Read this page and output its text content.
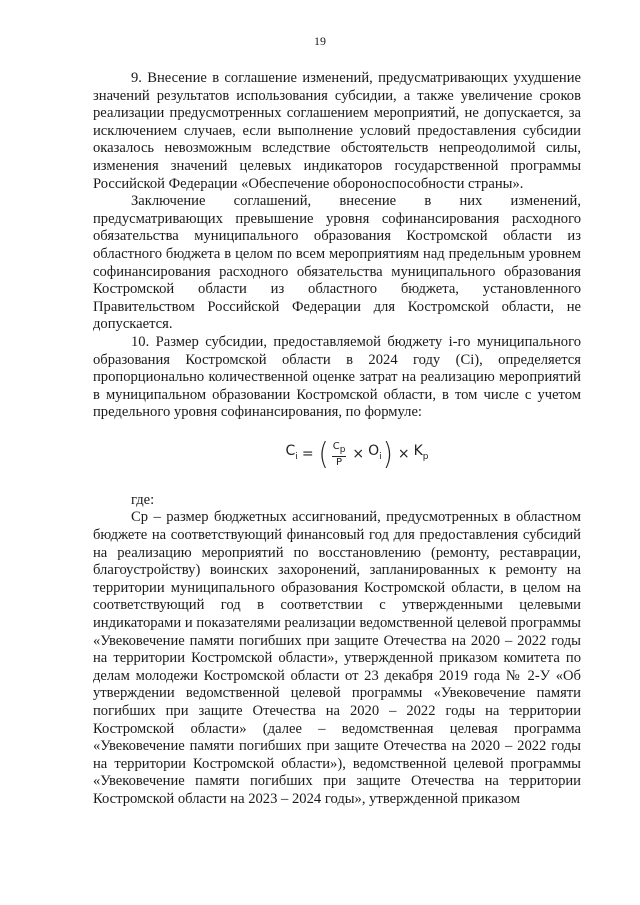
19

9. Внесение в соглашение изменений, предусматривающих ухудшение значений результатов использования субсидии, а также увеличение сроков реализации предусмотренных соглашением мероприятий, не допускается, за исключением случаев, если выполнение условий предоставления субсидии оказалось невозможным вследствие обстоятельств непреодолимой силы, изменения значений целевых индикаторов государственной программы Российской Федерации «Обеспечение обороноспособности страны».

Заключение соглашений, внесение в них изменений, предусматривающих превышение уровня софинансирования расходного обязательства муниципального образования Костромской области из областного бюджета в целом по всем мероприятиям над предельным уровнем софинансирования расходного обязательства муниципального образования Костромской области из областного бюджета, установленного Правительством Российской Федерации для Костромской области, не допускается.

10. Размер субсидии, предоставляемой бюджету i-го муниципального образования Костромской области в 2024 году (Ci), определяется пропорционально количественной оценке затрат на реализацию мероприятий в муниципальном образовании Костромской области, в том числе с учетом предельного уровня софинансирования, по формуле:

$C_i$ = ( $\frac{C_p}{P} \times O_i$ ) × $K_p$

где:

Cр – размер бюджетных ассигнований, предусмотренных в областном бюджете на соответствующий финансовый год для предоставления субсидий на реализацию мероприятий по восстановлению (ремонту, реставрации, благоустройству) воинских захоронений, запланированных к ремонту на территории муниципального образования Костромской области, в целом на соответствующий год в соответствии с утвержденными целевыми индикаторами и показателями реализации ведомственной целевой программы «Увековечение памяти погибших при защите Отечества на 2020 – 2022 годы на территории Костромской области», утвержденной приказом комитета по делам молодежи Костромской области от 23 декабря 2019 года № 2-У «Об утверждении ведомственной целевой программы «Увековечение памяти погибших при защите Отечества на 2020 – 2022 годы на территории Костромской области» (далее – ведомственная целевая программа «Увековечение памяти погибших при защите Отечества на 2020 – 2022 годы на территории Костромской области»), ведомственной целевой программы «Увековечение памяти погибших при защите Отечества на территории Костромской области на 2023 – 2024 годы», утвержденной приказом
